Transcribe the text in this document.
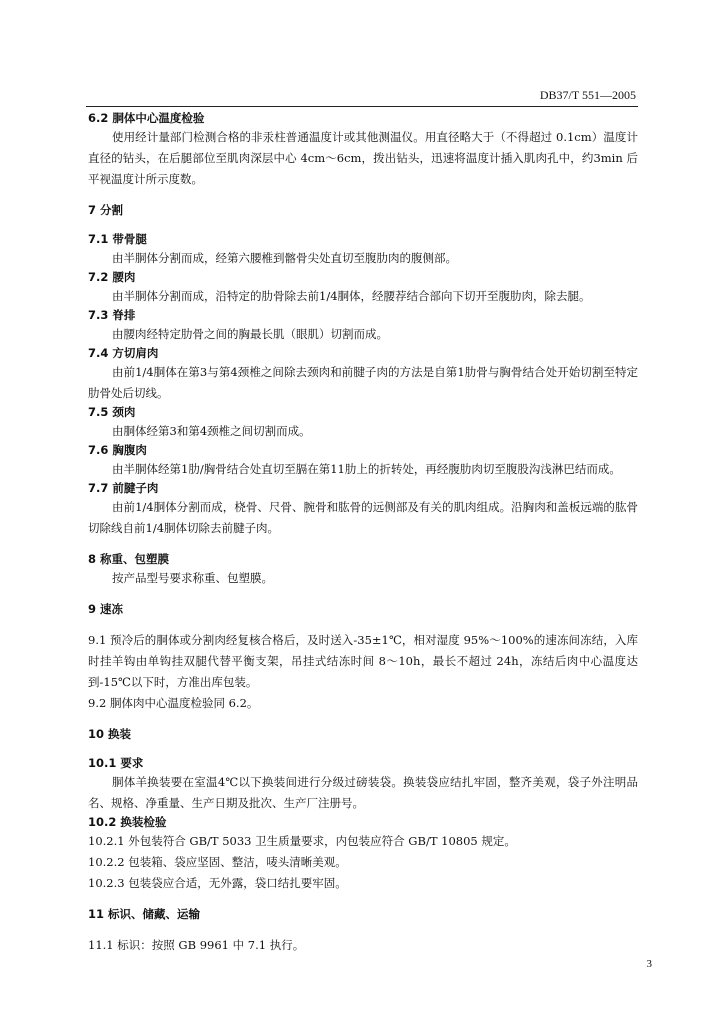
DB37/T 551—2005

6.2 胴体中心温度检验

使用经计量部门检测合格的非汞柱普通温度计或其他测温仪。用直径略大于（不得超过 0.1cm）温度计直径的钻头，在后腿部位至肌肉深层中心 4cm～6cm，拨出钻头，迅速将温度计插入肌肉孔中，约3min 后平视温度计所示度数。

7 分割

7.1 带骨腿

由半胴体分割而成，经第六腰椎到髂骨尖处直切至腹肋肉的腹侧部。

7.2 腰肉

由半胴体分割而成，沿特定的肋骨除去前1/4胴体，经腰荐结合部向下切开至腹肋肉，除去腿。

7.3 脊排

由腰肉经特定肋骨之间的胸最长肌（眼肌）切割而成。

7.4 方切肩肉

由前1/4胴体在第3与第4颈椎之间除去颈肉和前腱子肉的方法是自第1肋骨与胸骨结合处开始切割至特定肋骨处后切线。

7.5 颈肉

由胴体经第3和第4颈椎之间切割而成。

7.6 胸腹肉

由半胴体经第1肋/胸骨结合处直切至膈在第11肋上的折转处，再经腹肋肉切至腹股沟浅淋巴结而成。

7.7 前腱子肉

由前1/4胴体分割而成，桡骨、尺骨、腕骨和肱骨的远侧部及有关的肌肉组成。沿胸肉和盖板远端的肱骨切除线自前1/4胴体切除去前腱子肉。

8 称重、包塑膜

按产品型号要求称重、包塑膜。

9 速冻

9.1 预冷后的胴体或分割肉经复核合格后，及时送入-35±1℃，相对湿度 95%～100%的速冻间冻结，入库时挂羊钩由单钩挂双腿代替平衡支架，吊挂式结冻时间 8～10h，最长不超过 24h，冻结后肉中心温度达到-15℃以下时，方准出库包装。

9.2 胴体肉中心温度检验同 6.2。

10 换装

10.1 要求

胴体羊换装要在室温4℃以下换装间进行分级过磅装袋。换装袋应结扎牢固，整齐美观，袋子外注明品名、规格、净重量、生产日期及批次、生产厂注册号。

10.2 换装检验

10.2.1 外包装符合 GB/T 5033 卫生质量要求，内包装应符合 GB/T 10805 规定。

10.2.2 包装箱、袋应坚固、整洁，唛头清晰美观。

10.2.3 包装袋应合适，无外露，袋口结扎要牢固。

11 标识、储藏、运输

11.1 标识：按照 GB 9961 中 7.1 执行。

3
